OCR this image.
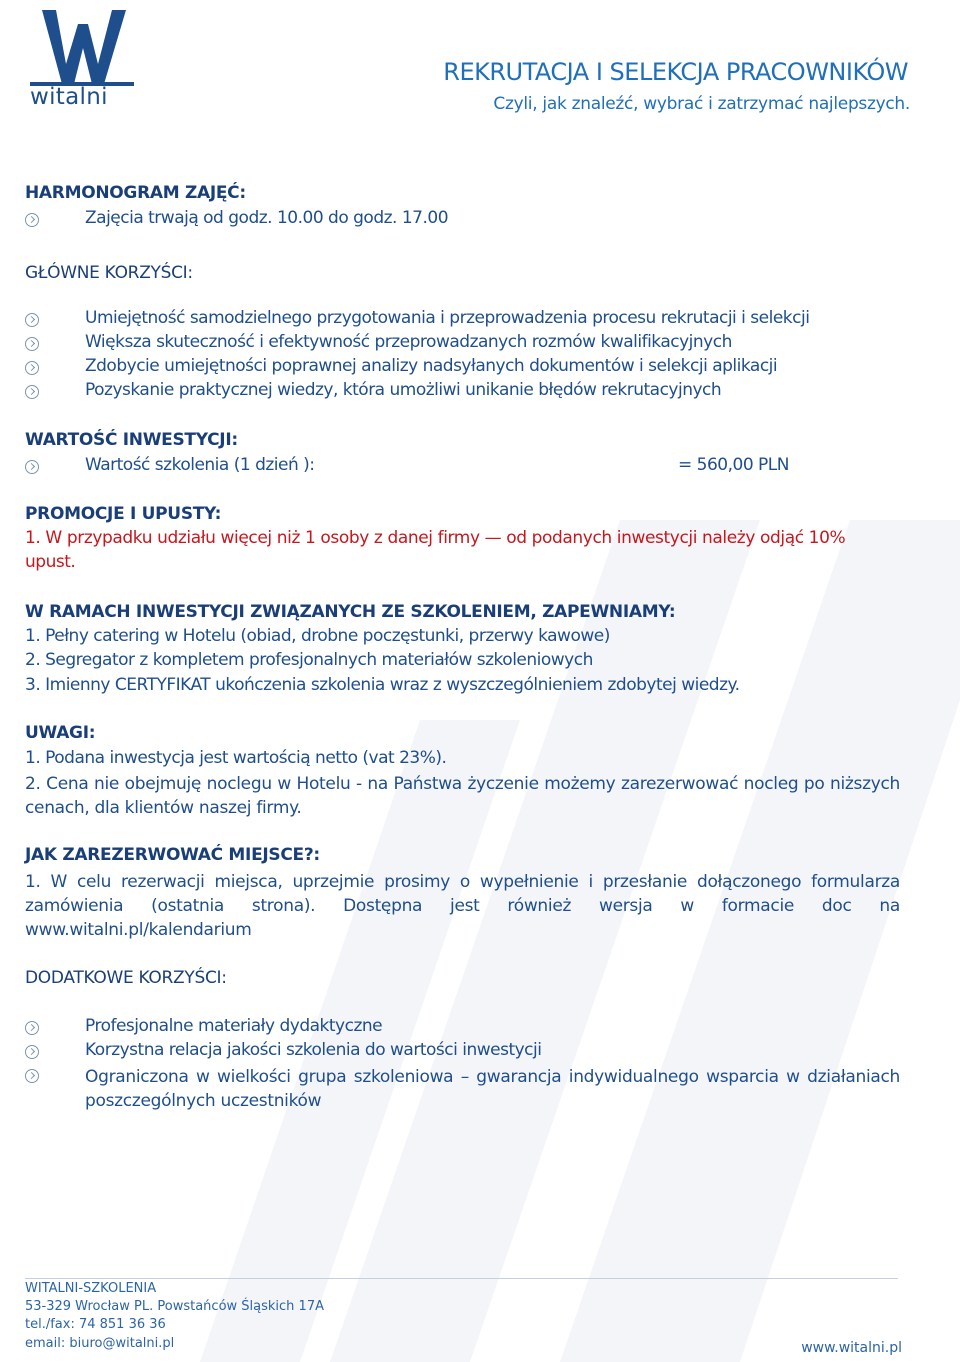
witalni
REKRUTACJA I SELEKCJA PRACOWNIKÓW
Czyli, jak znaleźć, wybrać i zatrzymać najlepszych.
HARMONOGRAM ZAJĘĆ:
Zajęcia trwają od godz. 10.00 do godz. 17.00
GŁÓWNE KORZYŚCI:
Umiejętność samodzielnego przygotowania i przeprowadzenia procesu rekrutacji i selekcji
Większa skuteczność i efektywność przeprowadzanych rozmów kwalifikacyjnych
Zdobycie umiejętności poprawnej analizy nadsyłanych dokumentów i selekcji aplikacji
Pozyskanie praktycznej wiedzy, która umożliwi unikanie błędów rekrutacyjnych
WARTOŚĆ INWESTYCJI:
Wartość szkolenia (1 dzień ):	= 560,00 PLN
PROMOCJE I UPUSTY:
1. W przypadku udziału więcej niż 1 osoby z danej firmy — od podanych inwestycji należy odjąć 10%
upust.
W RAMACH INWESTYCJI ZWIĄZANYCH ZE SZKOLENIEM, ZAPEWNIAMY:
1. Pełny catering w Hotelu (obiad, drobne poczęstunki, przerwy kawowe)
2. Segregator z kompletem profesjonalnych materiałów szkoleniowych
3. Imienny CERTYFIKAT ukończenia szkolenia wraz z wyszczególnieniem zdobytej wiedzy.
UWAGI:
1. Podana inwestycja jest wartością netto (vat 23%).
2. Cena nie obejmuję noclegu w Hotelu - na Państwa życzenie możemy zarezerwować nocleg po niższych cenach, dla klientów naszej firmy.
JAK ZAREZERWOWAĆ MIEJSCE?:
1. W celu rezerwacji miejsca, uprzejmie prosimy o wypełnienie i przesłanie dołączonego formularza zamówienia (ostatnia strona). Dostępna jest również wersja w formacie doc na www.witalni.pl/kalendarium
DODATKOWE KORZYŚCI:
Profesjonalne materiały dydaktyczne
Korzystna relacja jakości szkolenia do wartości inwestycji
Ograniczona w wielkości grupa szkoleniowa – gwarancja indywidualnego wsparcia w działaniach poszczególnych uczestników
WITALNI-SZKOLENIA
53-329 Wrocław PL. Powstańców Śląskich 17A
tel./fax: 74 851 36 36
email: biuro@witalni.pl	www.witalni.pl
